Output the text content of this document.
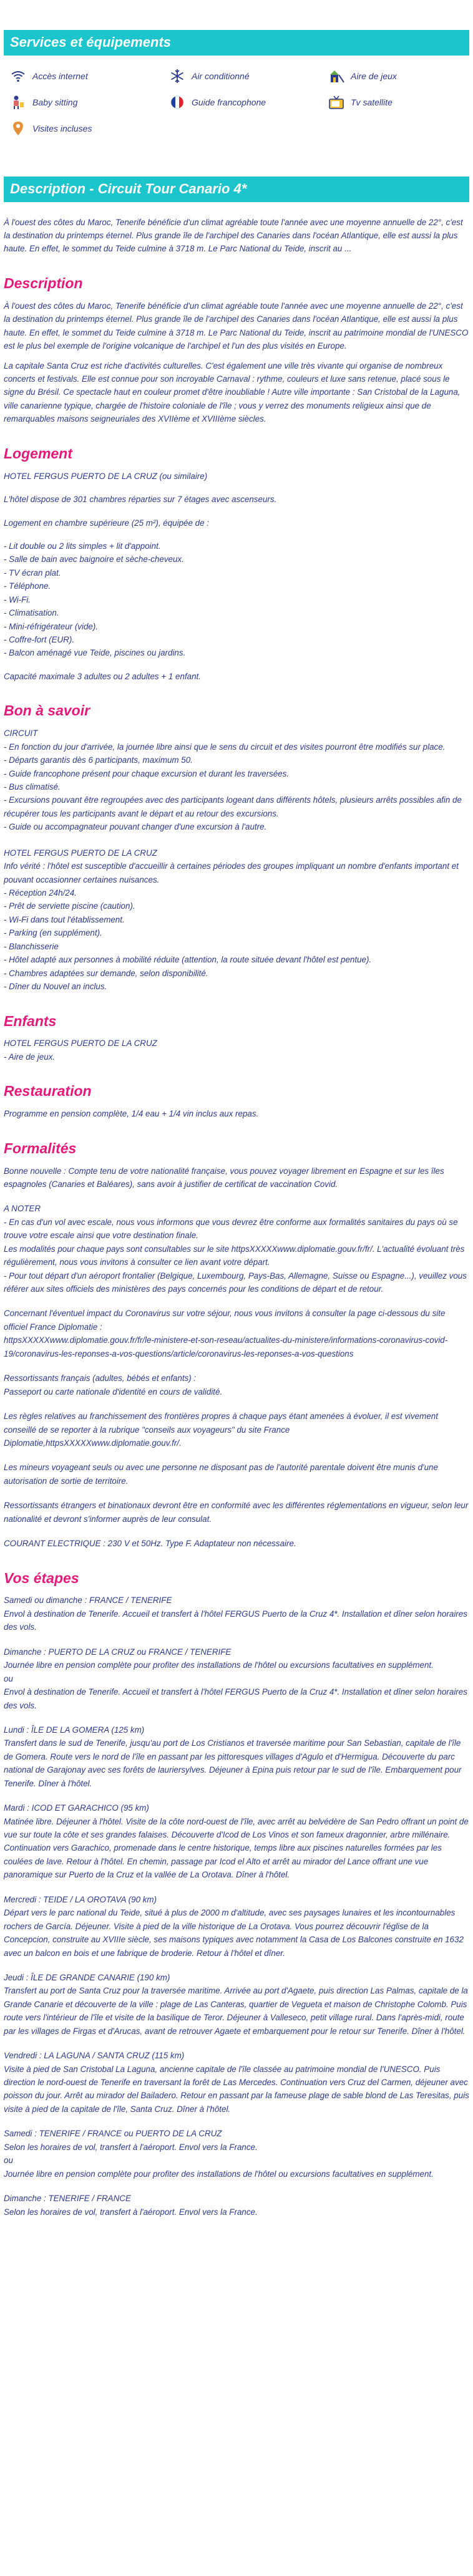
Services et équipements
Accès internet	Air conditionné	Aire de jeux
Baby sitting	Guide francophone	Tv satellite
Visites incluses
Description - Circuit Tour Canario 4*

À l'ouest des côtes du Maroc, Tenerife bénéficie d'un climat agréable toute l'année avec une moyenne annuelle de 22°, c'est la destination du printemps éternel. Plus grande île de l'archipel des Canaries dans l'océan Atlantique, elle est aussi la plus haute. En effet, le sommet du Teide culmine à 3718 m. Le Parc National du Teide, inscrit au ...

Description

À l'ouest des côtes du Maroc, Tenerife bénéficie d'un climat agréable toute l'année avec une moyenne annuelle de 22°, c'est la destination du printemps éternel. Plus grande île de l'archipel des Canaries dans l'océan Atlantique, elle est aussi la plus haute. En effet, le sommet du Teide culmine à 3718 m. Le Parc National du Teide, inscrit au patrimoine mondial de l'UNESCO est le plus bel exemple de l'origine volcanique de l'archipel et l'un des plus visités en Europe.

La capitale Santa Cruz est riche d'activités culturelles. C'est également une ville très vivante qui organise de nombreux concerts et festivals. Elle est connue pour son incroyable Carnaval : rythme, couleurs et luxe sans retenue, placé sous le signe du Brésil. Ce spectacle haut en couleur promet d'être inoubliable ! Autre ville importante : San Cristobal de la Laguna, ville canarienne typique, chargée de l'histoire coloniale de l'île ; vous y verrez des monuments religieux ainsi que de remarquables maisons seigneuriales des XVIIème et XVIIIème siècles.

Logement

HOTEL FERGUS PUERTO DE LA CRUZ (ou similaire)

L'hôtel dispose de 301 chambres réparties sur 7 étages avec ascenseurs.

Logement en chambre supérieure (25 m²), équipée de :

- Lit double ou 2 lits simples + lit d'appoint.

- Salle de bain avec baignoire et sèche-cheveux.

- TV écran plat.

- Téléphone.

- Wi-Fi.

- Climatisation.

- Mini-réfrigérateur (vide).

- Coffre-fort (EUR).

- Balcon aménagé vue Teide, piscines ou jardins.

Capacité maximale 3 adultes ou 2 adultes + 1 enfant.

Bon à savoir

CIRCUIT

- En fonction du jour d'arrivée, la journée libre ainsi que le sens du circuit et des visites pourront être modifiés sur place.

- Départs garantis dès 6 participants, maximum 50.

- Guide francophone présent pour chaque excursion et durant les traversées.

- Bus climatisé.

- Excursions pouvant être regroupées avec des participants logeant dans différents hôtels, plusieurs arrêts possibles afin de récupérer tous les participants avant le départ et au retour des excursions.

- Guide ou accompagnateur pouvant changer d'une excursion à l'autre.

HOTEL FERGUS PUERTO DE LA CRUZ

Info vérité : l'hôtel est susceptible d'accueillir à certaines périodes des groupes impliquant un nombre d'enfants important et pouvant occasionner certaines nuisances.

- Réception 24h/24.

- Prêt de serviette piscine (caution).

- Wi-Fi dans tout l'établissement.

- Parking (en supplément).

- Blanchisserie

- Hôtel adapté aux personnes à mobilité réduite (attention, la route située devant l'hôtel est pentue).

- Chambres adaptées sur demande, selon disponibilité.

- Dîner du Nouvel an inclus.

Enfants

HOTEL FERGUS PUERTO DE LA CRUZ

- Aire de jeux.

Restauration

Programme en pension complète, 1/4 eau + 1/4 vin inclus aux repas.

Formalités

Bonne nouvelle : Compte tenu de votre nationalité française, vous pouvez voyager librement en Espagne et sur les îles espagnoles (Canaries et Baléares), sans avoir à justifier de certificat de vaccination Covid.

A NOTER

- En cas d'un vol avec escale, nous vous informons que vous devrez être conforme aux formalités sanitaires du pays où se trouve votre escale ainsi que votre destination finale.

Les modalités pour chaque pays sont consultables sur le site httpsXXXXXwww.diplomatie.gouv.fr/fr/. L'actualité évoluant très régulièrement, nous vous invitons à consulter ce lien avant votre départ.

- Pour tout départ d'un aéroport frontalier (Belgique, Luxembourg, Pays-Bas, Allemagne, Suisse ou Espagne...), veuillez vous référer aux sites officiels des ministères des pays concernés pour les conditions de départ et de retour.

Concernant l'éventuel impact du Coronavirus sur votre séjour, nous vous invitons à consulter la page ci-dessous du site officiel France Diplomatie :

httpsXXXXXwww.diplomatie.gouv.fr/fr/le-ministere-et-son-reseau/actualites-du-ministere/informations-coronavirus-covid-19/coronavirus-les-reponses-a-vos-questions/article/coronavirus-les-reponses-a-vos-questions

Ressortissants français (adultes, bébés et enfants) :

Passeport ou carte nationale d'identité en cours de validité.

Les règles relatives au franchissement des frontières propres à chaque pays étant amenées à évoluer, il est vivement conseillé de se reporter à la rubrique "conseils aux voyageurs" du site France Diplomatie,httpsXXXXXwww.diplomatie.gouv.fr/.

Les mineurs voyageant seuls ou avec une personne ne disposant pas de l'autorité parentale doivent être munis d'une autorisation de sortie de territoire.

Ressortissants étrangers et binationaux devront être en conformité avec les différentes réglementations en vigueur, selon leur nationalité et devront s'informer auprès de leur consulat.

COURANT ELECTRIQUE : 230 V et 50Hz. Type F. Adaptateur non nécessaire.

Vos étapes

Samedi ou dimanche : FRANCE / TENERIFE

Envol à destination de Tenerife. Accueil et transfert à l'hôtel FERGUS Puerto de la Cruz 4*. Installation et dîner selon horaires des vols.

Dimanche : PUERTO DE LA CRUZ ou FRANCE / TENERIFE

Journée libre en pension complète pour profiter des installations de l'hôtel ou excursions facultatives en supplément.

ou

Envol à destination de Tenerife. Accueil et transfert à l'hôtel FERGUS Puerto de la Cruz 4*. Installation et dîner selon horaires des vols.

Lundi : ÎLE DE LA GOMERA (125 km)

Transfert dans le sud de Tenerife, jusqu'au port de Los Cristianos et traversée maritime pour San Sebastian, capitale de l'île de Gomera. Route vers le nord de l'île en passant par les pittoresques villages d'Agulo et d'Hermigua. Découverte du parc national de Garajonay avec ses forêts de lauriersylves. Déjeuner à Epina puis retour par le sud de l'île. Embarquement pour Tenerife. Dîner à l'hôtel.

Mardi : ICOD ET GARACHICO (95 km)

Matinée libre. Déjeuner à l'hôtel. Visite de la côte nord-ouest de l'île, avec arrêt au belvédère de San Pedro offrant un point de vue sur toute la côte et ses grandes falaises. Découverte d'Icod de Los Vinos et son fameux dragonnier, arbre millénaire. Continuation vers Garachico, promenade dans le centre historique, temps libre aux piscines naturelles formées par les coulées de lave. Retour à l'hôtel. En chemin, passage par Icod el Alto et arrêt au mirador del Lance offrant une vue panoramique sur Puerto de la Cruz et la vallée de La Orotava. Dîner à l'hôtel.

Mercredi : TEIDE / LA OROTAVA (90 km)

Départ vers le parc national du Teide, situé à plus de 2000 m d'altitude, avec ses paysages lunaires et les incontournables rochers de García. Déjeuner. Visite à pied de la ville historique de La Orotava. Vous pourrez découvrir l'église de la Concepcion, construite au XVIIIe siècle, ses maisons typiques avec notamment la Casa de Los Balcones construite en 1632 avec un balcon en bois et une fabrique de broderie. Retour à l'hôtel et dîner.

Jeudi : ÎLE DE GRANDE CANARIE (190 km)

Transfert au port de Santa Cruz pour la traversée maritime. Arrivée au port d'Agaete, puis direction Las Palmas, capitale de la Grande Canarie et découverte de la ville : plage de Las Canteras, quartier de Vegueta et maison de Christophe Colomb. Puis route vers l'intérieur de l'île et visite de la basilique de Teror. Déjeuner à Valleseco, petit village rural. Dans l'après-midi, route par les villages de Firgas et d'Arucas, avant de retrouver Agaete et embarquement pour le retour sur Tenerife. Dîner à l'hôtel.

Vendredi : LA LAGUNA / SANTA CRUZ (115 km)

Visite à pied de San Cristobal La Laguna, ancienne capitale de l'île classée au patrimoine mondial de l'UNESCO. Puis direction le nord-ouest de Tenerife en traversant la forêt de Las Mercedes. Continuation vers Cruz del Carmen, déjeuner avec poisson du jour. Arrêt au mirador del Bailadero. Retour en passant par la fameuse plage de sable blond de Las Teresitas, puis visite à pied de la capitale de l'île, Santa Cruz. Dîner à l'hôtel.

Samedi : TENERIFE / FRANCE ou PUERTO DE LA CRUZ

Selon les horaires de vol, transfert à l'aéroport. Envol vers la France.

ou

Journée libre en pension complète pour profiter des installations de l'hôtel ou excursions facultatives en supplément.

Dimanche : TENERIFE / FRANCE

Selon les horaires de vol, transfert à l'aéroport. Envol vers la France.
